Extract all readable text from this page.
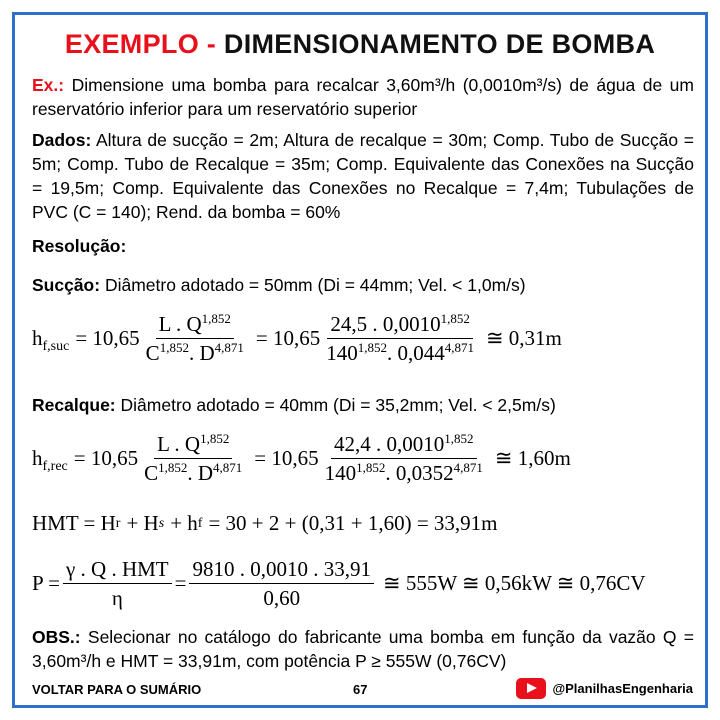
EXEMPLO - DIMENSIONAMENTO DE BOMBA
Ex.: Dimensione uma bomba para recalcar 3,60m³/h (0,0010m³/s) de água de um reservatório inferior para um reservatório superior
Dados: Altura de sucção = 2m; Altura de recalque = 30m; Comp. Tubo de Sucção = 5m; Comp. Tubo de Recalque = 35m; Comp. Equivalente das Conexões na Sucção = 19,5m; Comp. Equivalente das Conexões no Recalque = 7,4m; Tubulações de PVC (C = 140); Rend. da bomba = 60%
Resolução:
Sucção: Diâmetro adotado = 50mm (Di = 44mm; Vel. < 1,0m/s)
$h_{f,suc} = 10,65 \frac{L . Q^{1,852}}{C^{1,852}. D^{4,871}} = 10,65 \frac{24,5 . 0,0010^{1,852}}{140^{1,852}. 0,044^{4,871}}$ ≅ 0,31m
Recalque: Diâmetro adotado = 40mm (Di = 35,2mm; Vel. < 2,5m/s)
$h_{f,rec} = 10,65 \frac{L . Q^{1,852}}{C^{1,852}. D^{4,871}} = 10,65 \frac{42,4 . 0,0010^{1,852}}{140^{1,852}. 0,0352^{4,871}}$ ≅ 1,60m
HMT = H r + H s + h f = 30 + 2 + (0,31 + 1,60) = 33,91m
$P = \frac{\text{γ . Q . HMT}}{\eta} = \frac{9810 . 0,0010 . 33,91}{0,60}$ ≅ 555W ≅ 0,56kW ≅ 0,76CV
OBS.: Selecionar no catálogo do fabricante uma bomba em função da vazão Q = 3,60m³/h e HMT = 33,91m, com potência P ≥ 555W (0,76CV)
VOLTAR PARA O SUMÁRIO	67	@PlanilhasEngenharia
